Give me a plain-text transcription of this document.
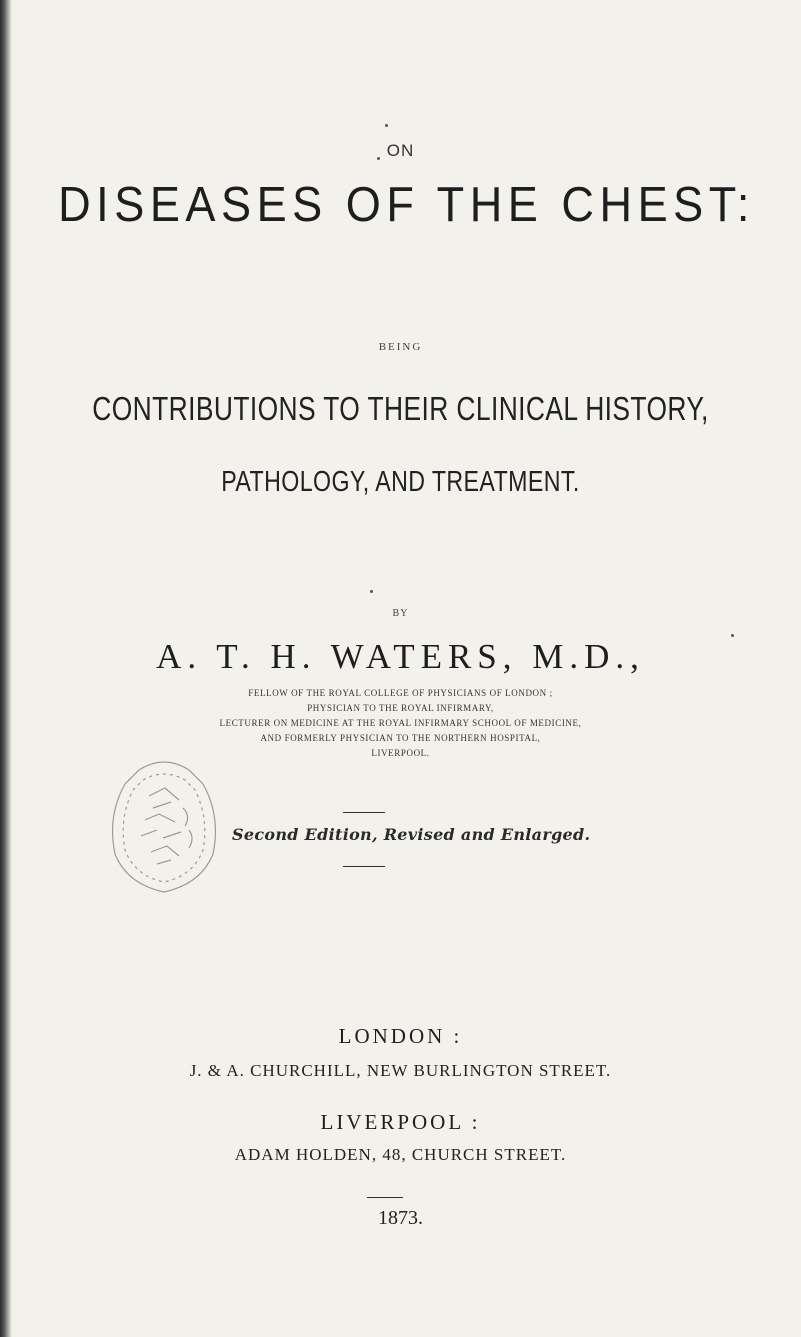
ON
DISEASES OF THE CHEST:
BEING
CONTRIBUTIONS TO THEIR CLINICAL HISTORY,
PATHOLOGY, AND TREATMENT.
BY
A. T. H. WATERS, M.D.,
FELLOW OF THE ROYAL COLLEGE OF PHYSICIANS OF LONDON ;
PHYSICIAN TO THE ROYAL INFIRMARY,
LECTURER ON MEDICINE AT THE ROYAL INFIRMARY SCHOOL OF MEDICINE,
AND FORMERLY PHYSICIAN TO THE NORTHERN HOSPITAL,
LIVERPOOL.
Second Edition, Revised and Enlarged.
LONDON :
J. & A. CHURCHILL, NEW BURLINGTON STREET.
LIVERPOOL :
ADAM HOLDEN, 48, CHURCH STREET.
1873.
